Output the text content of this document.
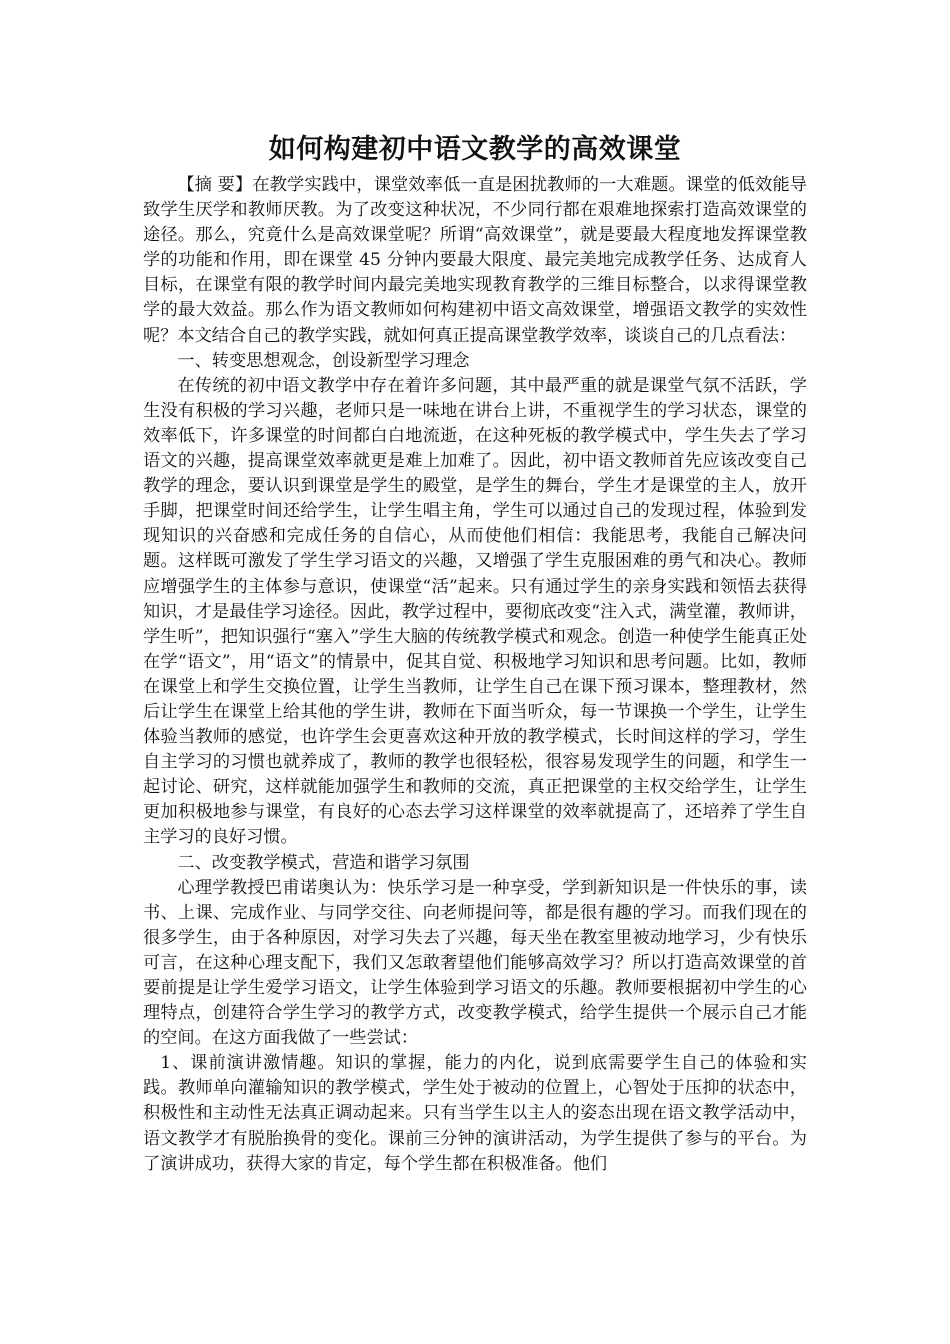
如何构建初中语文教学的高效课堂

【摘 要】在教学实践中，课堂效率低一直是困扰教师的一大难题。课堂的低效能导致学生厌学和教师厌教。为了改变这种状况，不少同行都在艰难地探索打造高效课堂的途径。那么，究竟什么是高效课堂呢？所谓“高效课堂”，就是要最大程度地发挥课堂教学的功能和作用，即在课堂 45 分钟内要最大限度、最完美地完成教学任务、达成育人目标，在课堂有限的教学时间内最完美地实现教育教学的三维目标整合，以求得课堂教学的最大效益。那么作为语文教师如何构建初中语文高效课堂，增强语文教学的实效性呢？本文结合自己的教学实践，就如何真正提高课堂教学效率，谈谈自己的几点看法：

一、转变思想观念，创设新型学习理念

在传统的初中语文教学中存在着许多问题，其中最严重的就是课堂气氛不活跃，学生没有积极的学习兴趣，老师只是一味地在讲台上讲，不重视学生的学习状态，课堂的效率低下，许多课堂的时间都白白地流逝，在这种死板的教学模式中，学生失去了学习语文的兴趣，提高课堂效率就更是难上加难了。因此，初中语文教师首先应该改变自己教学的理念，要认识到课堂是学生的殿堂，是学生的舞台，学生才是课堂的主人，放开手脚，把课堂时间还给学生，让学生唱主角，学生可以通过自己的发现过程，体验到发现知识的兴奋感和完成任务的自信心，从而使他们相信：我能思考，我能自己解决问题。这样既可激发了学生学习语文的兴趣，又增强了学生克服困难的勇气和决心。教师应增强学生的主体参与意识，使课堂“活”起来。只有通过学生的亲身实践和领悟去获得知识，才是最佳学习途径。因此，教学过程中，要彻底改变“注入式，满堂灌，教师讲，学生听”，把知识强行“塞入”学生大脑的传统教学模式和观念。创造一种使学生能真正处在学“语文”，用“语文”的情景中，促其自觉、积极地学习知识和思考问题。比如，教师在课堂上和学生交换位置，让学生当教师，让学生自己在课下预习课本，整理教材，然后让学生在课堂上给其他的学生讲，教师在下面当听众，每一节课换一个学生，让学生体验当教师的感觉，也许学生会更喜欢这种开放的教学模式，长时间这样的学习，学生自主学习的习惯也就养成了，教师的教学也很轻松，很容易发现学生的问题，和学生一起讨论、研究，这样就能加强学生和教师的交流，真正把课堂的主权交给学生，让学生更加积极地参与课堂，有良好的心态去学习这样课堂的效率就提高了，还培养了学生自主学习的良好习惯。

二、改变教学模式，营造和谐学习氛围

心理学教授巴甫诺奥认为：快乐学习是一种享受，学到新知识是一件快乐的事，读书、上课、完成作业、与同学交往、向老师提问等，都是很有趣的学习。而我们现在的很多学生，由于各种原因，对学习失去了兴趣，每天坐在教室里被动地学习，少有快乐可言，在这种心理支配下，我们又怎敢奢望他们能够高效学习？所以打造高效课堂的首要前提是让学生爱学习语文，让学生体验到学习语文的乐趣。教师要根据初中学生的心理特点，创建符合学生学习的教学方式，改变教学模式，给学生提供一个展示自己才能的空间。在这方面我做了一些尝试：

1、课前演讲激情趣。知识的掌握，能力的内化，说到底需要学生自己的体验和实践。教师单向灌输知识的教学模式，学生处于被动的位置上，心智处于压抑的状态中，积极性和主动性无法真正调动起来。只有当学生以主人的姿态出现在语文教学活动中，语文教学才有脱胎换骨的变化。课前三分钟的演讲活动，为学生提供了参与的平台。为了演讲成功，获得大家的肯定，每个学生都在积极准备。他们
